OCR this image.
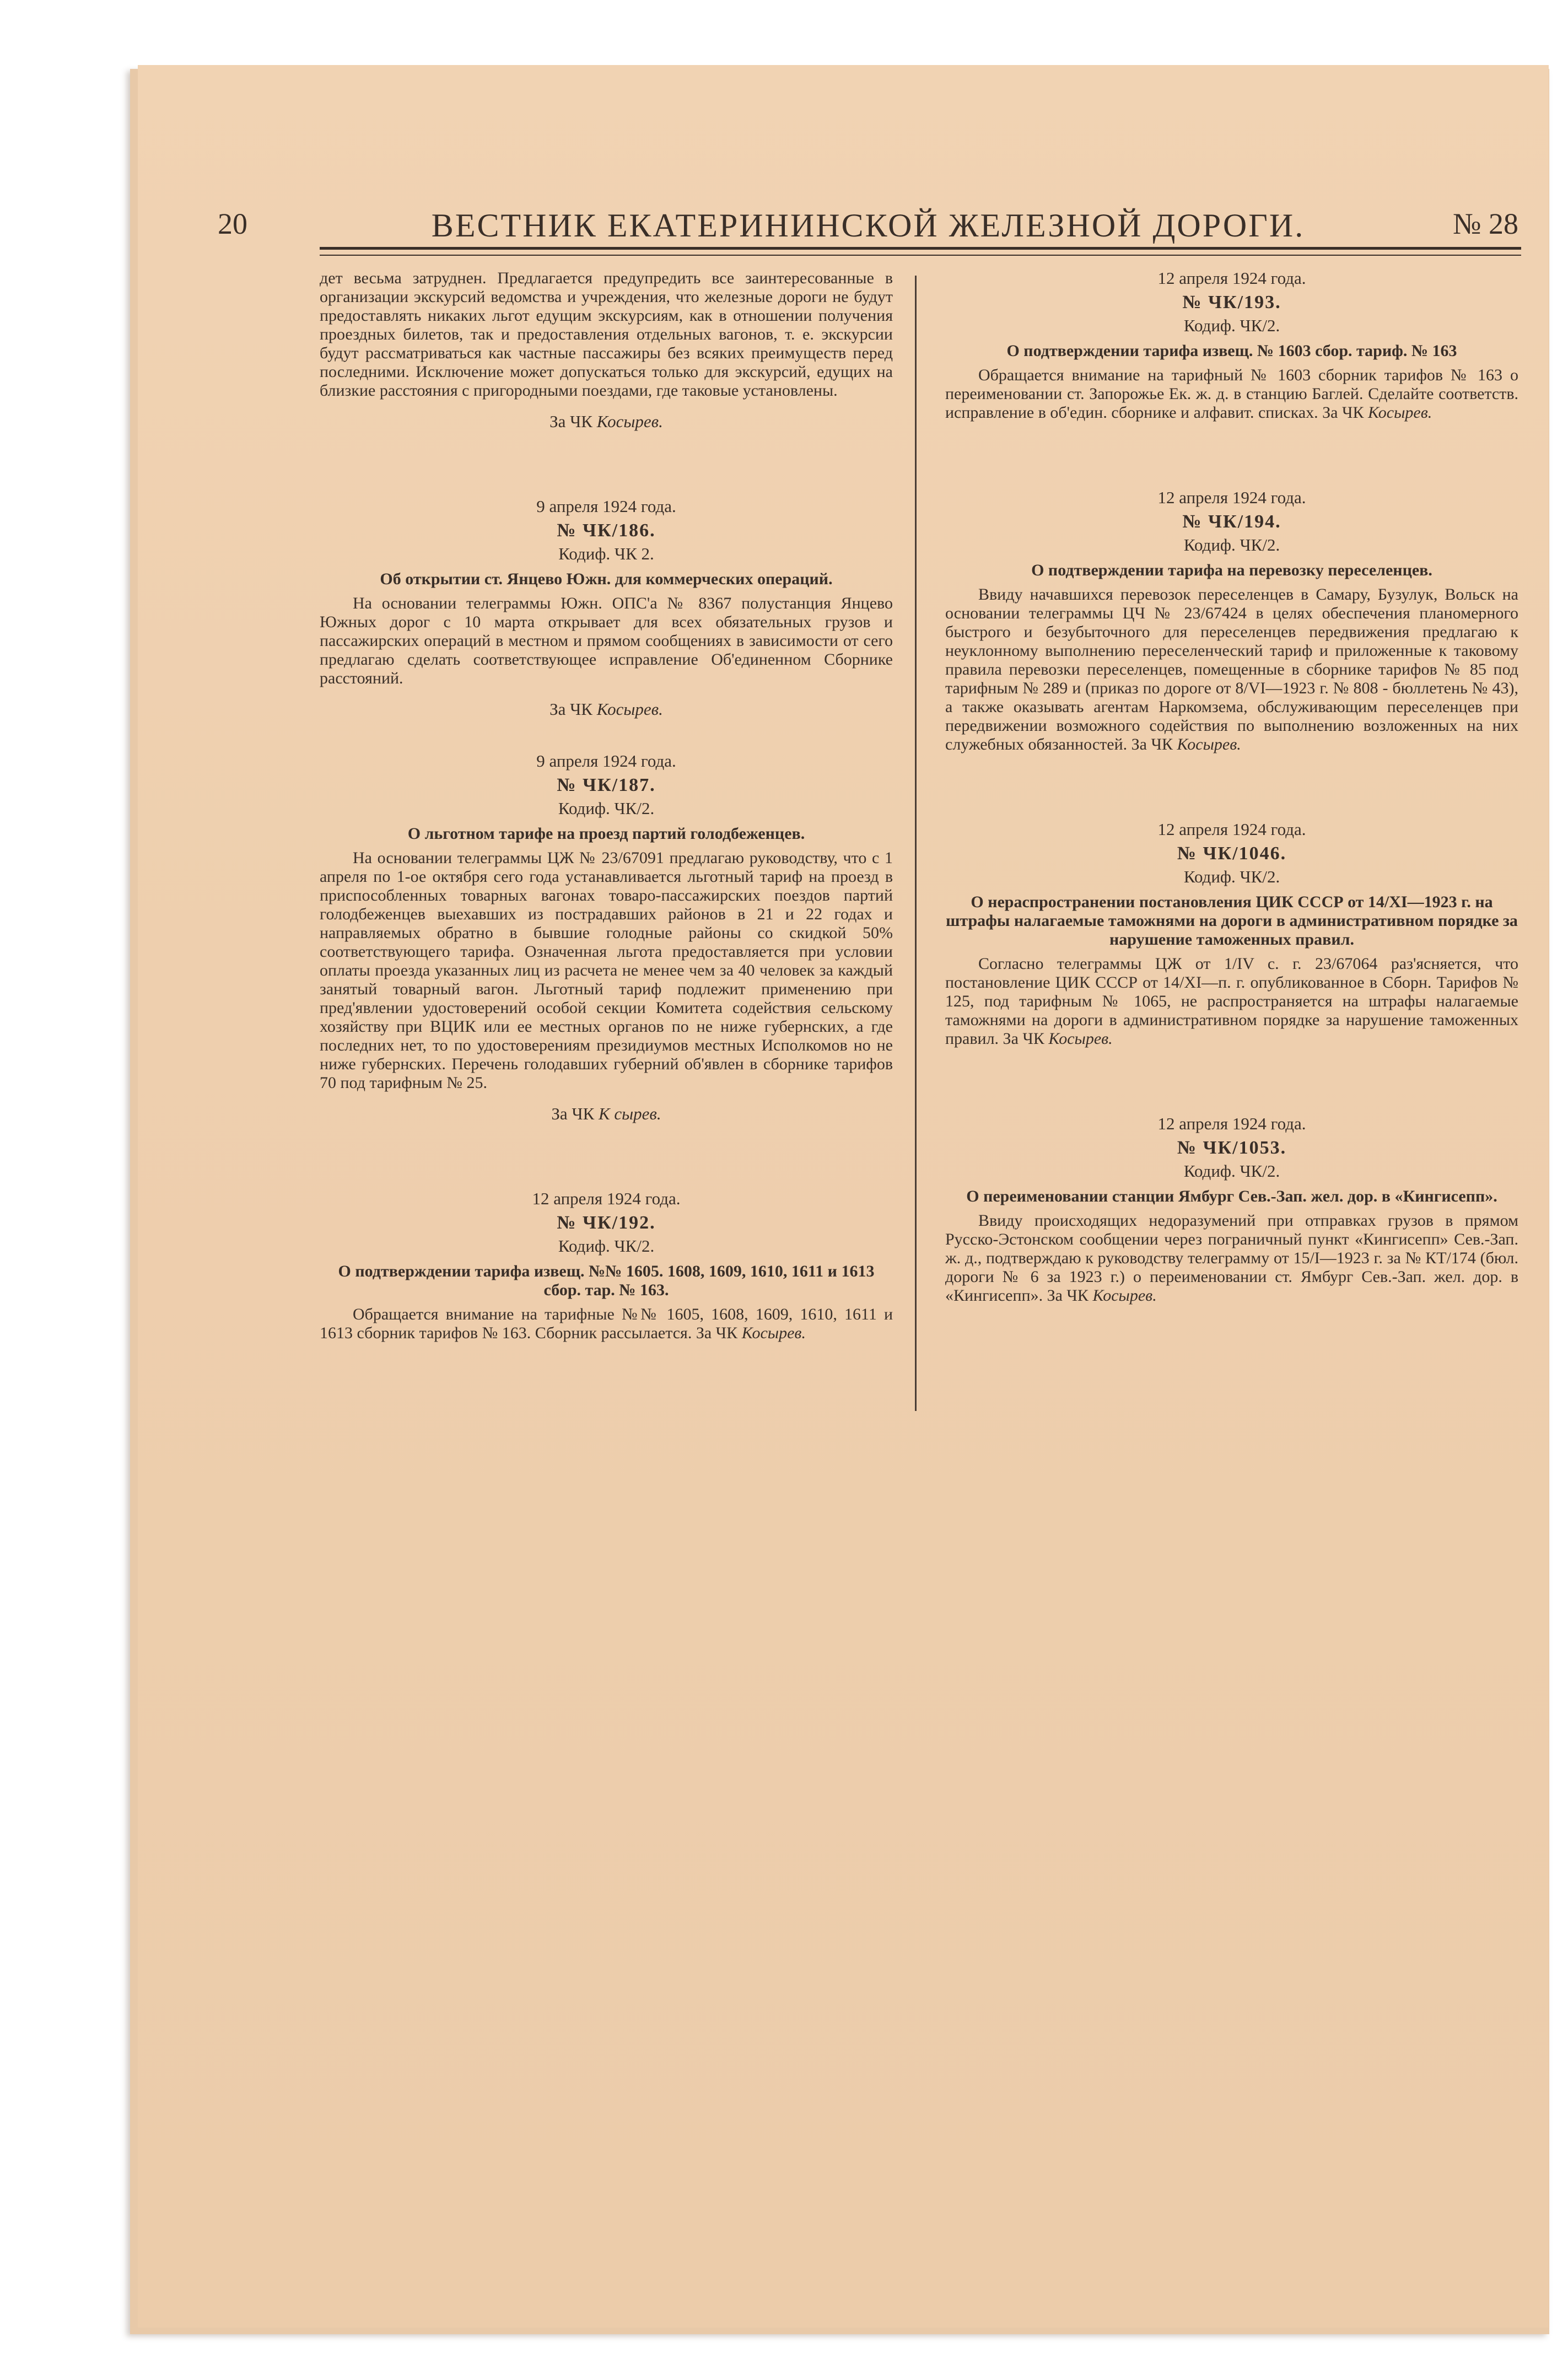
20	ВЕСТНИК ЕКАТЕРИНИНСКОЙ ЖЕЛЕЗНОЙ ДОРОГИ.	№ 28

дет весьма затруднен. Предлагается предупредить все заинтересованные в организации экскурсий ведомства и учреждения, что железные дороги не будут предоставлять никаких льгот едущим экскурсиям, как в отношении получения проездных билетов, так и предоставления отдельных вагонов, т. е. экскурсии будут рассматриваться как частные пассажиры без всяких преимуществ перед последними. Исключение может допускаться только для экскурсий, едущих на близкие расстояния с пригородными поездами, где таковые установлены.

За ЧК Косырев.

9 апреля 1924 года.

№ ЧК/186.

Кодиф. ЧК 2.

Об открытии ст. Янцево Южн. для коммерческих операций.

На основании телеграммы Южн. ОПС'а № 8367 полустанция Янцево Южных дорог с 10 марта открывает для всех обязательных грузов и пассажирских операций в местном и прямом сообщениях в зависимости от сего предлагаю сделать соответствующее исправление Об'единенном Сборнике расстояний.

За ЧК Косырев.

9 апреля 1924 года.

№ ЧК/187.

Кодиф. ЧК/2.

О льготном тарифе на проезд партий голодбеженцев.

На основании телеграммы ЦЖ № 23/67091 предлагаю руководству, что с 1 апреля по 1-ое октября сего года устанавливается льготный тариф на проезд в приспособленных товарных вагонах товаро-пассажирских поездов партий голодбеженцев выехавших из пострадавших районов в 21 и 22 годах и направляемых обратно в бывшие голодные районы со скидкой 50% соответствующего тарифа. Означенная льгота предоставляется при условии оплаты проезда указанных лиц из расчета не менее чем за 40 человек за каждый занятый товарный вагон. Льготный тариф подлежит применению при пред'явлении удостоверений особой секции Комитета содействия сельскому хозяйству при ВЦИК или ее местных органов по не ниже губернских, а где последних нет, то по удостоверениям президиумов местных Исполкомов но не ниже губернских. Перечень голодавших губерний об'явлен в сборнике тарифов 70 под тарифным № 25.

За ЧК К сырев.

12 апреля 1924 года.

№ ЧК/192.

Кодиф. ЧК/2.

О подтверждении тарифа извещ. №№ 1605. 1608, 1609, 1610, 1611 и 1613 сбор. тар. № 163.

Обращается внимание на тарифные №№ 1605, 1608, 1609, 1610, 1611 и 1613 сборник тарифов № 163. Сборник рассылается. За ЧК Косырев.

12 апреля 1924 года.

№ ЧК/193.

Кодиф. ЧК/2.

О подтверждении тарифа извещ. № 1603 сбор. тариф. № 163

Обращается внимание на тарифный № 1603 сборник тарифов № 163 о переименовании ст. Запорожье Ек. ж. д. в станцию Баглей. Сделайте соответств. исправление в об'един. сборнике и алфавит. списках. За ЧК Косырев.

12 апреля 1924 года.

№ ЧК/194.

Кодиф. ЧК/2.

О подтверждении тарифа на перевозку переселенцев.

Ввиду начавшихся перевозок переселенцев в Самару, Бузулук, Вольск на основании телеграммы ЦЧ № 23/67424 в целях обеспечения планомерного быстрого и безубыточного для переселенцев передвижения предлагаю к неуклонному выполнению переселенческий тариф и приложенные к таковому правила перевозки переселенцев, помещенные в сборнике тарифов № 85 под тарифным № 289 и (приказ по дороге от 8/VI—1923 г. № 808 - бюллетень № 43), а также оказывать агентам Наркомзема, обслуживающим переселенцев при передвижении возможного содействия по выполнению возложенных на них служебных обязанностей. За ЧК Косырев.

12 апреля 1924 года.

№ ЧК/1046.

Кодиф. ЧК/2.

О нераспространении постановления ЦИК СССР от 14/XI—1923 г. на штрафы налагаемые таможнями на дороги в административном порядке за нарушение таможенных правил.

Согласно телеграммы ЦЖ от 1/IV с. г. 23/67064 раз'ясняется, что постановление ЦИК СССР от 14/XI—п. г. опубликованное в Сборн. Тарифов № 125, под тарифным № 1065, не распространяется на штрафы налагаемые таможнями на дороги в административном порядке за нарушение таможенных правил. За ЧК Косырев.

12 апреля 1924 года.

№ ЧК/1053.

Кодиф. ЧК/2.

О переименовании станции Ямбург Сев.-Зап. жел. дор. в «Кингисепп».

Ввиду происходящих недоразумений при отправках грузов в прямом Русско-Эстонском сообщении через пограничный пункт «Кингисепп» Сев.-Зап. ж. д., подтверждаю к руководству телеграмму от 15/I—1923 г. за № КТ/174 (бюл. дороги № 6 за 1923 г.) о переименовании ст. Ямбург Сев.-Зап. жел. дор. в «Кингисепп». За ЧК Косырев.
